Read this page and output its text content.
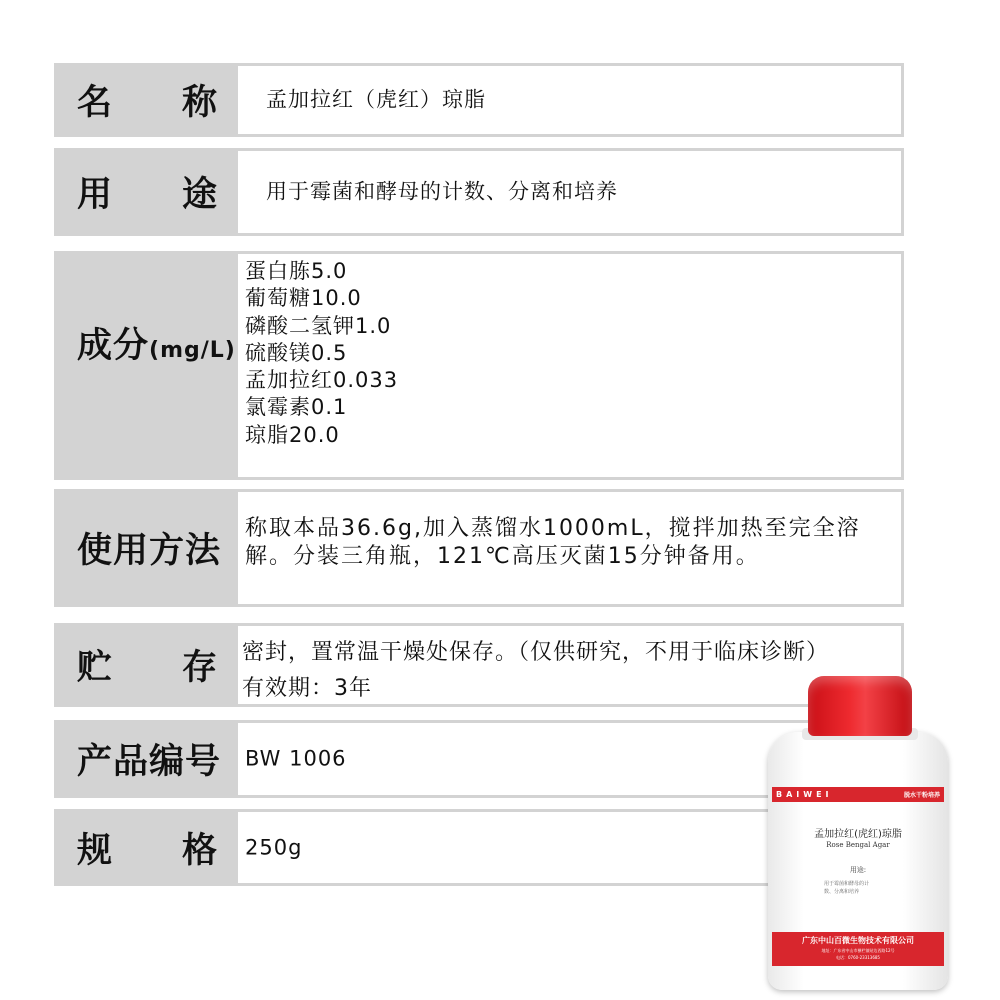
名 称 孟加拉红（虎红）琼脂
用 途 用于霉菌和酵母的计数、分离和培养
成分(mg/L)
蛋白胨5.0
葡萄糖10.0
磷酸二氢钾1.0
硫酸镁0.5
孟加拉红0.033
氯霉素0.1
琼脂20.0
使用方法
称取本品36.6g,加入蒸馏水1000mL，搅拌加热至完全溶解。分装三角瓶，121℃高压灭菌15分钟备用。
贮 存 密封，置常温干燥处保存。（仅供研究，不用于临床诊断）
有效期：3年
产品编号 BW 1006
规 格 250g
BAIWEI	脱水干粉培养
孟加拉红(虎红)琼脂
Rose Bengal Agar
用途:
用于霉菌和酵母的计
数、分离和培养
广东中山百微生物技术有限公司
地址：广东省中山市横栏镇贴边西路12号
电话：0760-23313685
